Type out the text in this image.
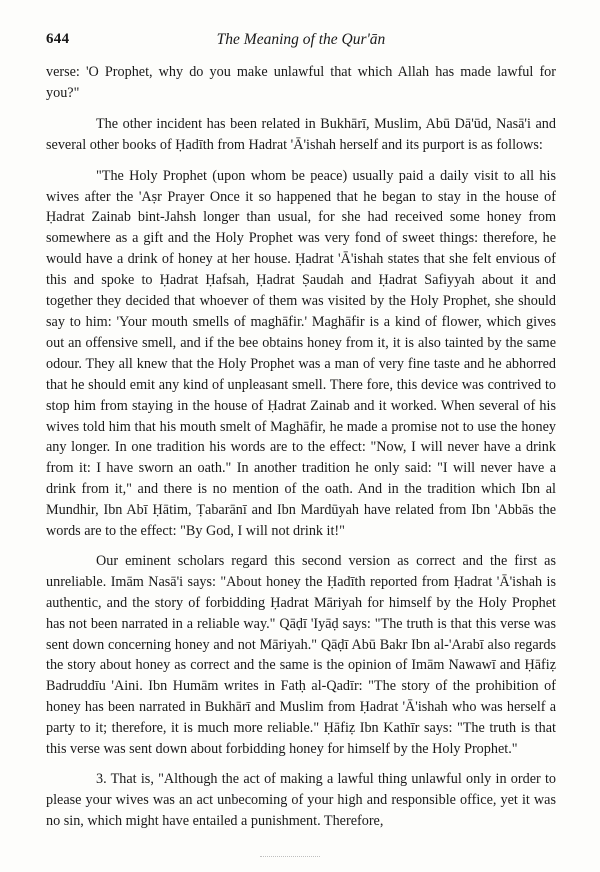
644	The Meaning of the Qur'ān

verse: 'O Prophet, why do you make unlawful that which Allah has made lawful for you?"

The other incident has been related in Bukhārī, Muslim, Abū Dā'ūd, Nasā'i and several other books of Ḥadīth from Hadrat 'Ā'ishah herself and its purport is as follows:

"The Holy Prophet (upon whom be peace) usually paid a daily visit to all his wives after the 'Aṣr Prayer Once it so happened that he began to stay in the house of Ḥadrat Zainab bint-Jahsh longer than usual, for she had received some honey from somewhere as a gift and the Holy Prophet was very fond of sweet things: therefore, he would have a drink of honey at her house. Ḥadrat 'Ā'ishah states that she felt envious of this and spoke to Ḥadrat Ḥafsah, Ḥadrat Ṣaudah and Ḥadrat Safiyyah about it and together they decided that whoever of them was visited by the Holy Prophet, she should say to him: 'Your mouth smells of maghāfir.' Maghāfir is a kind of flower, which gives out an offensive smell, and if the bee obtains honey from it, it is also tainted by the same odour. They all knew that the Holy Prophet was a man of very fine taste and he abhorred that he should emit any kind of unpleasant smell. There fore, this device was contrived to stop him from staying in the house of Ḥadrat Zainab and it worked. When several of his wives told him that his mouth smelt of Maghāfir, he made a promise not to use the honey any longer. In one tradition his words are to the effect: "Now, I will never have a drink from it: I have sworn an oath." In another tradition he only said: "I will never have a drink from it," and there is no mention of the oath. And in the tradition which Ibn al Mundhir, Ibn Abī Ḥātim, Ṭabarānī and Ibn Mardūyah have related from Ibn 'Abbās the words are to the effect: "By God, I will not drink it!"

Our eminent scholars regard this second version as correct and the first as unreliable. Imām Nasā'i says: "About honey the Ḥadīth reported from Ḥadrat 'Ā'ishah is authentic, and the story of forbidding Ḥadrat Māriyah for himself by the Holy Prophet has not been narrated in a reliable way." Qāḍī 'Iyāḍ says: "The truth is that this verse was sent down concerning honey and not Māriyah." Qāḍī Abū Bakr Ibn al-'Arabī also regards the story about honey as correct and the same is the opinion of Imām Nawawī and Ḥāfiẓ Badruddīu 'Aini. Ibn Humām writes in Fatḥ al-Qadīr: "The story of the prohibition of honey has been narrated in Bukhārī and Muslim from Ḥadrat 'Ā'ishah who was herself a party to it; therefore, it is much more reliable." Ḥāfiẓ Ibn Kathīr says: "The truth is that this verse was sent down about forbidding honey for himself by the Holy Prophet."

3. That is, "Although the act of making a lawful thing unlawful only in order to please your wives was an act unbecoming of your high and responsible office, yet it was no sin, which might have entailed a punishment. Therefore,
